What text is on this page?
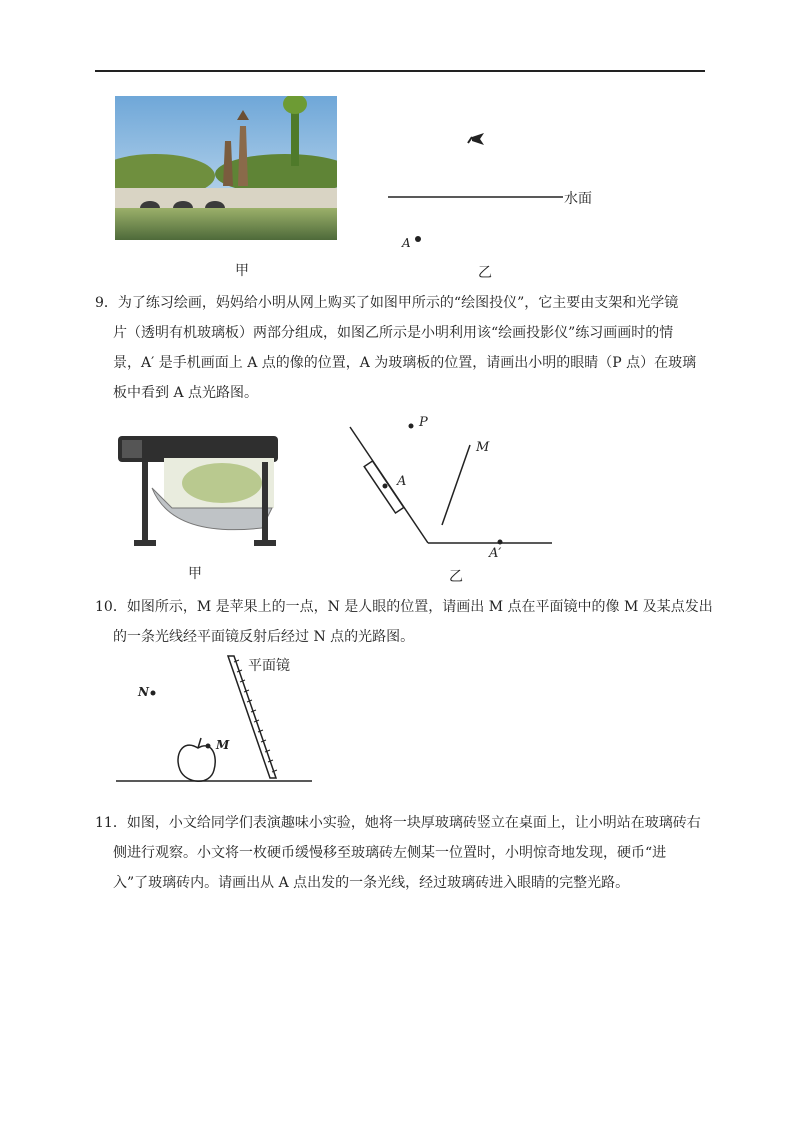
甲
水面
A
乙
9．为了练习绘画，妈妈给小明从网上购买了如图甲所示的“绘图投仪”，它主要由支架和光学镜
片（透明有机玻璃板）两部分组成，如图乙所示是小明利用该“绘画投影仪”练习画画时的情
景，A′ 是手机画面上 A 点的像的位置，A 为玻璃板的位置，请画出小明的眼睛（P 点）在玻璃
板中看到 A 点光路图。
甲
P
M
A
A′
乙
10．如图所示，M 是苹果上的一点，N 是人眼的位置，请画出 M 点在平面镜中的像 M 及某点发出
的一条光线经平面镜反射后经过 N 点的光路图。
平面镜
N
M
11．如图，小文给同学们表演趣味小实验，她将一块厚玻璃砖竖立在桌面上，让小明站在玻璃砖右
侧进行观察。小文将一枚硬币缓慢移至玻璃砖左侧某一位置时，小明惊奇地发现，硬币“进
入”了玻璃砖内。请画出从 A 点出发的一条光线，经过玻璃砖进入眼睛的完整光路。
